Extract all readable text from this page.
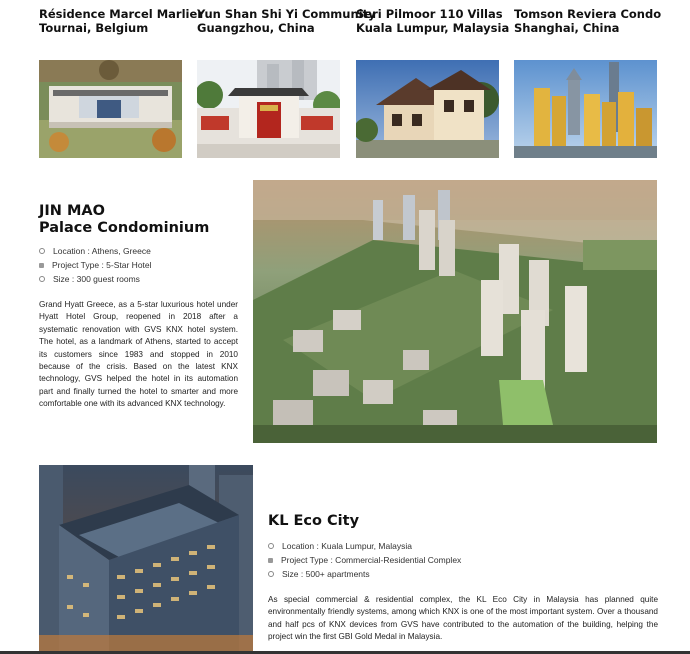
Résidence Marcel Marlier
Tournai, Belgium
Yun Shan Shi Yi Community
Guangzhou, China
Seri Pilmoor 110 Villas
Kuala Lumpur, Malaysia
Tomson Reviera Condo
Shanghai, China
JIN MAO
Palace Condominium
Location : Athens, Greece
Project Type : 5-Star Hotel
Size : 300 guest rooms
Grand Hyatt Greece, as a 5-star luxurious hotel under Hyatt Hotel Group, reopened in 2018 after a systematic renovation with GVS KNX hotel system. The hotel, as a landmark of Athens, started to accept its customers since 1983 and stopped in 2010 because of the crisis. Based on the latest KNX technology, GVS helped the hotel in its automation part and finally turned the hotel to smarter and more comfortable one with its advanced KNX technology.
KL Eco City
Location : Kuala Lumpur, Malaysia
Project Type : Commercial-Residential Complex
Size : 500+ apartments
As special commercial & residential complex, the KL Eco City in Malaysia has planned quite environmentally friendly systems, among which KNX is one of the most important system. Over a thousand and half pcs of KNX devices from GVS have contributed to the automation of the building, helping the project win the first GBI Gold Medal in Malaysia.
